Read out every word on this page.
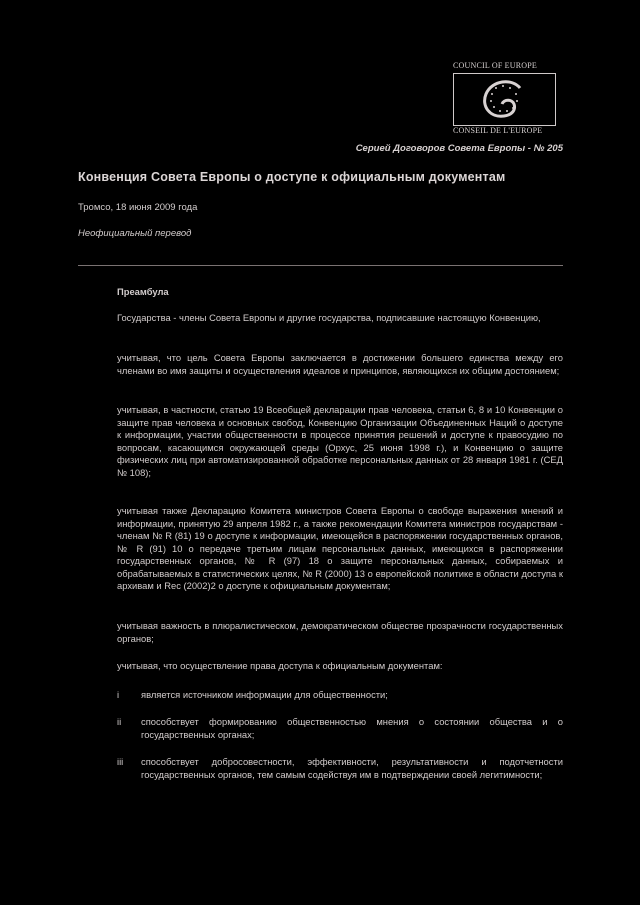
COUNCIL OF EUROPE
CONSEIL DE L'EUROPE
Серией Договоров Совета Европы - № 205
Конвенция Совета Европы о доступе к официальным документам
Тромсо, 18 июня 2009 года
Неофициальный перевод
Преамбула

Государства - члены Совета Европы и другие государства, подписавшие настоящую Конвенцию,

учитывая, что цель Совета Европы заключается в достижении большего единства между его членами во имя защиты и осуществления идеалов и принципов, являющихся их общим достоянием;

учитывая, в частности, статью 19 Всеобщей декларации прав человека, статьи 6, 8 и 10 Конвенции о защите прав человека и основных свобод, Конвенцию Организации Объединенных Наций о доступе к информации, участии общественности в процессе принятия решений и доступе к правосудию по вопросам, касающимся окружающей среды (Орхус, 25 июня 1998 г.), и Конвенцию о защите физических лиц при автоматизированной обработке персональных данных от 28 января 1981 г. (СЕД № 108);

учитывая также Декларацию Комитета министров Совета Европы о свободе выражения мнений и информации, принятую 29 апреля 1982 г., а также рекомендации Комитета министров государствам - членам № R (81) 19 о доступе к информации, имеющейся в распоряжении государственных органов, № R (91) 10 о передаче третьим лицам персональных данных, имеющихся в распоряжении государственных органов, № R (97) 18 о защите персональных данных, собираемых и обрабатываемых в статистических целях, № R (2000) 13 о европейской политике в области доступа к архивам и Rec (2002)2 о доступе к официальным документам;

учитывая важность в плюралистическом, демократическом обществе прозрачности государственных органов;

учитывая, что осуществление права доступа к официальным документам:

i является источником информации для общественности;
ii способствует формированию общественностью мнения о состоянии общества и о государственных органах;
iii способствует добросовестности, эффективности, результативности и подотчетности государственных органов, тем самым содействуя им в подтверждении своей легитимности;
